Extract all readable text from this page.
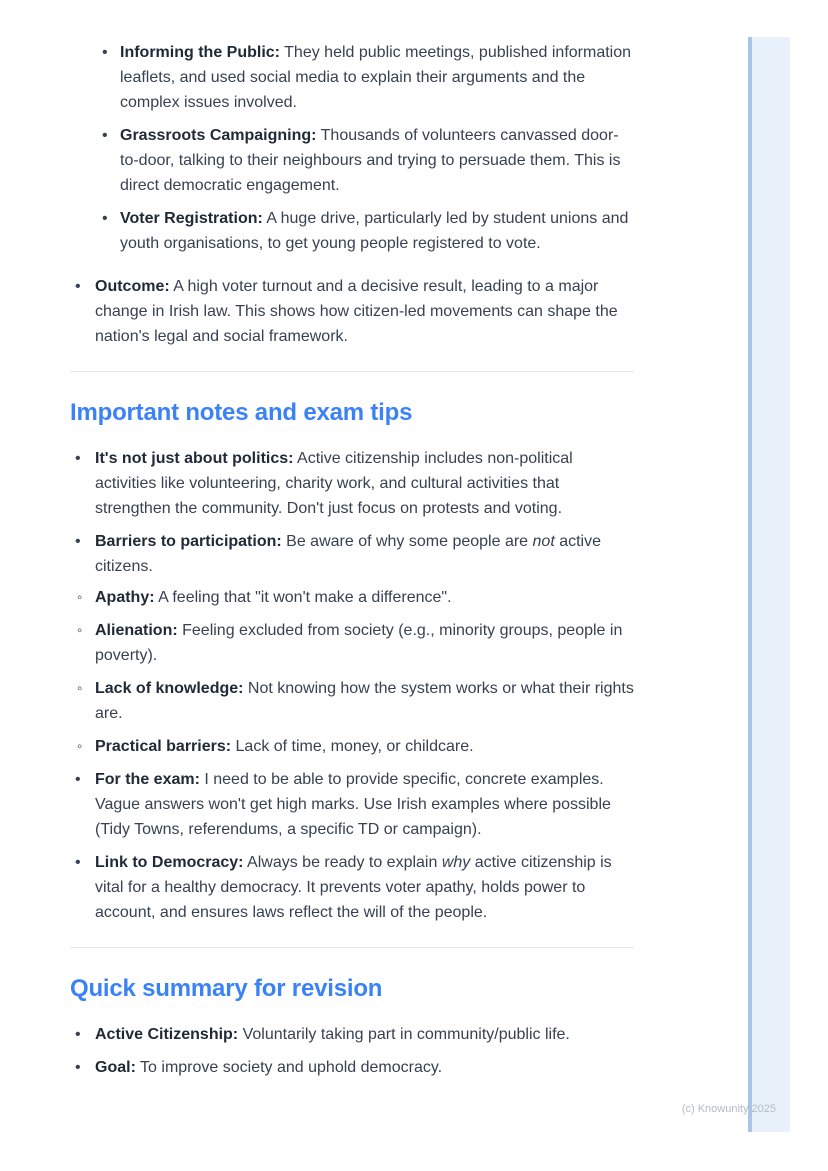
•
Informing the Public: They held public meetings, published information leaflets, and used social media to explain their arguments and the complex issues involved.
•
Grassroots Campaigning: Thousands of volunteers canvassed door-to-door, talking to their neighbours and trying to persuade them. This is direct democratic engagement.
•
Voter Registration: A huge drive, particularly led by student unions and youth organisations, to get young people registered to vote.
•
Outcome: A high voter turnout and a decisive result, leading to a major change in Irish law. This shows how citizen-led movements can shape the nation's legal and social framework.
Important notes and exam tips
•
It's not just about politics: Active citizenship includes non-political activities like volunteering, charity work, and cultural activities that strengthen the community. Don't just focus on protests and voting.
•
Barriers to participation: Be aware of why some people are not active citizens.
◦
Apathy: A feeling that "it won't make a difference".
◦
Alienation: Feeling excluded from society (e.g., minority groups, people in poverty).
◦
Lack of knowledge: Not knowing how the system works or what their rights are.
◦
Practical barriers: Lack of time, money, or childcare.
•
For the exam: I need to be able to provide specific, concrete examples. Vague answers won't get high marks. Use Irish examples where possible (Tidy Towns, referendums, a specific TD or campaign).
•
Link to Democracy: Always be ready to explain why active citizenship is vital for a healthy democracy. It prevents voter apathy, holds power to account, and ensures laws reflect the will of the people.
Quick summary for revision
•
Active Citizenship: Voluntarily taking part in community/public life.
•
Goal: To improve society and uphold democracy.
(c) Knowunity 2025
